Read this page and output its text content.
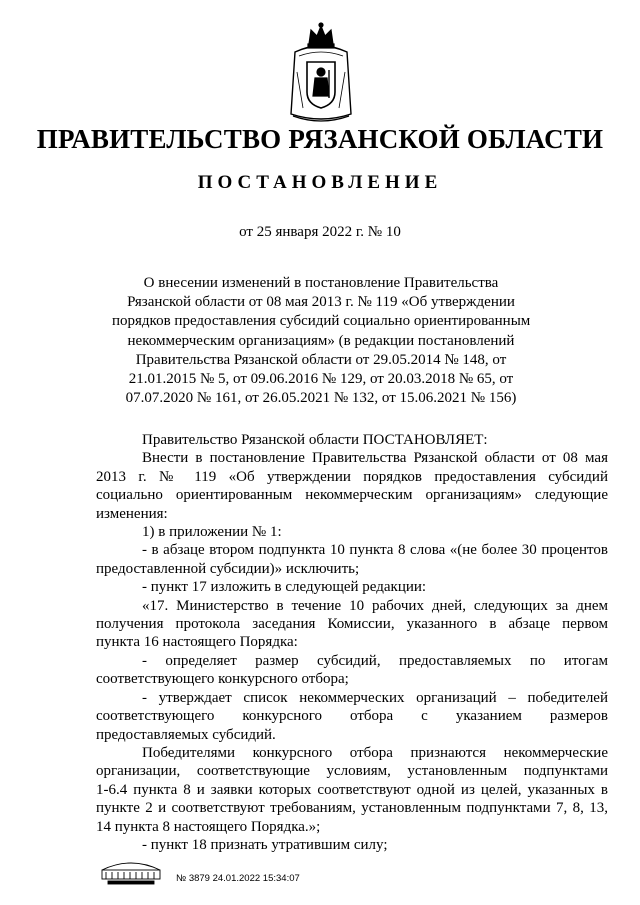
ПРАВИТЕЛЬСТВО РЯЗАНСКОЙ ОБЛАСТИ
ПОСТАНОВЛЕНИЕ
от 25 января 2022 г. № 10
О внесении изменений в постановление Правительства
Рязанской области от 08 мая 2013 г. № 119 «Об утверждении
порядков предоставления субсидий социально ориентированным
некоммерческим организациям» (в редакции постановлений
Правительства Рязанской области от 29.05.2014 № 148, от
21.01.2015 № 5, от 09.06.2016 № 129, от 20.03.2018 № 65, от
07.07.2020 № 161, от 26.05.2021 № 132, от 15.06.2021 № 156)
Правительство Рязанской области ПОСТАНОВЛЯЕТ:
Внести в постановление Правительства Рязанской области от 08 мая
2013 г. № 119 «Об утверждении порядков предоставления субсидий
социально ориентированным некоммерческим организациям» следующие
изменения:
1) в приложении № 1:
- в абзаце втором подпункта 10 пункта 8 слова «(не более 30 процентов
предоставленной субсидии)» исключить;
- пункт 17 изложить в следующей редакции:
«17. Министерство в течение 10 рабочих дней, следующих за днем
получения протокола заседания Комиссии, указанного в абзаце первом
пункта 16 настоящего Порядка:
- определяет размер субсидий, предоставляемых по итогам
соответствующего конкурсного отбора;
- утверждает список некоммерческих организаций – победителей
соответствующего конкурсного отбора с указанием размеров
предоставляемых субсидий.
Победителями конкурсного отбора признаются некоммерческие
организации, соответствующие условиям, установленным подпунктами
1-6.4 пункта 8 и заявки которых соответствуют одной из целей, указанных в
пункте 2 и соответствуют требованиям, установленным подпунктами 7, 8, 13,
14 пункта 8 настоящего Порядка.»;
- пункт 18 признать утратившим силу;
№ 3879 24.01.2022 15:34:07
